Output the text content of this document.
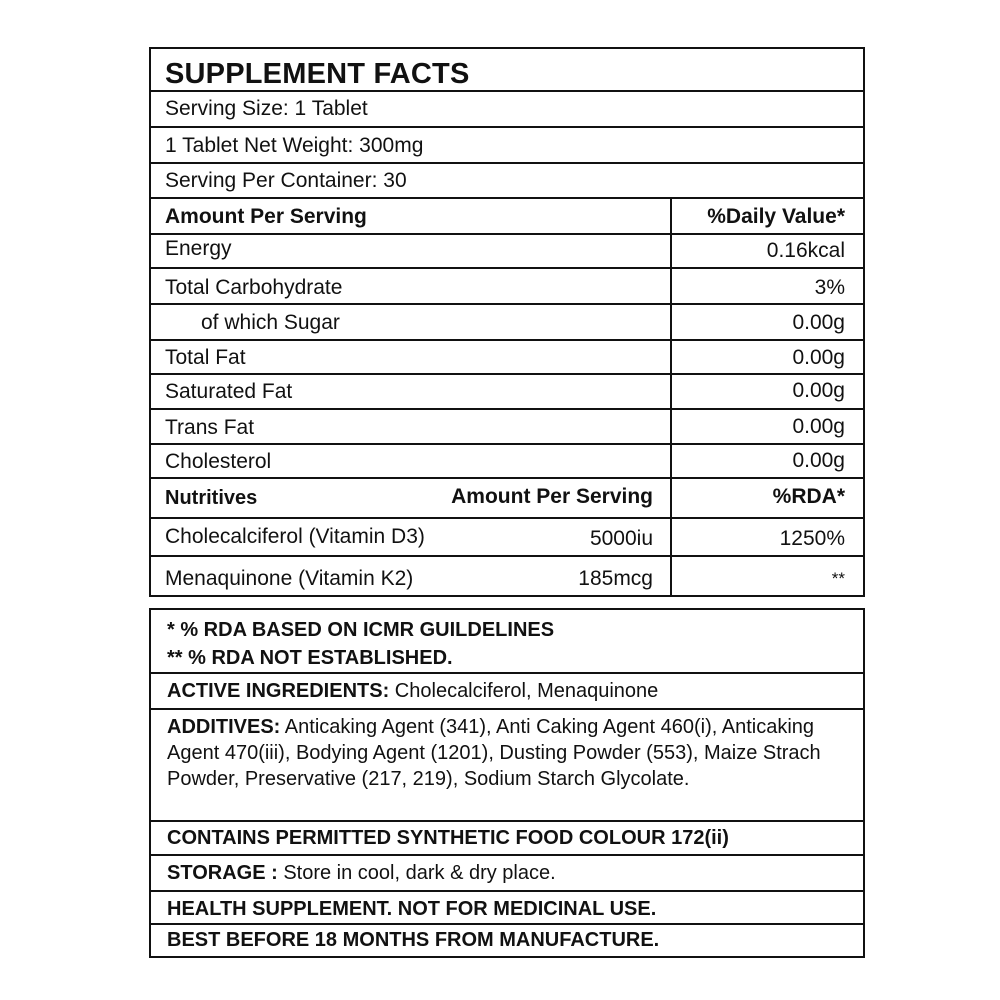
SUPPLEMENT FACTS
Serving Size: 1 Tablet
1 Tablet Net Weight: 300mg
Serving Per Container: 30
Amount Per Serving	%Daily Value*
Energy	0.16kcal
Total Carbohydrate	3%
of which Sugar	0.00g
Total Fat	0.00g
Saturated Fat	0.00g
Trans Fat	0.00g
Cholesterol	0.00g
Nutritives	Amount Per Serving	%RDA*
Cholecalciferol (Vitamin D3)	5000iu	1250%
Menaquinone (Vitamin K2)	185mcg	**
* % RDA BASED ON ICMR GUILDELINES
** % RDA NOT ESTABLISHED.
ACTIVE INGREDIENTS: Cholecalciferol, Menaquinone
ADDITIVES: Anticaking Agent (341), Anti Caking Agent 460(i), Anticaking Agent 470(iii), Bodying Agent (1201), Dusting Powder (553), Maize Strach Powder, Preservative (217, 219), Sodium Starch Glycolate.
CONTAINS PERMITTED SYNTHETIC FOOD COLOUR 172(ii)
STORAGE : Store in cool, dark & dry place.
HEALTH SUPPLEMENT. NOT FOR MEDICINAL USE.
BEST BEFORE 18 MONTHS FROM MANUFACTURE.
